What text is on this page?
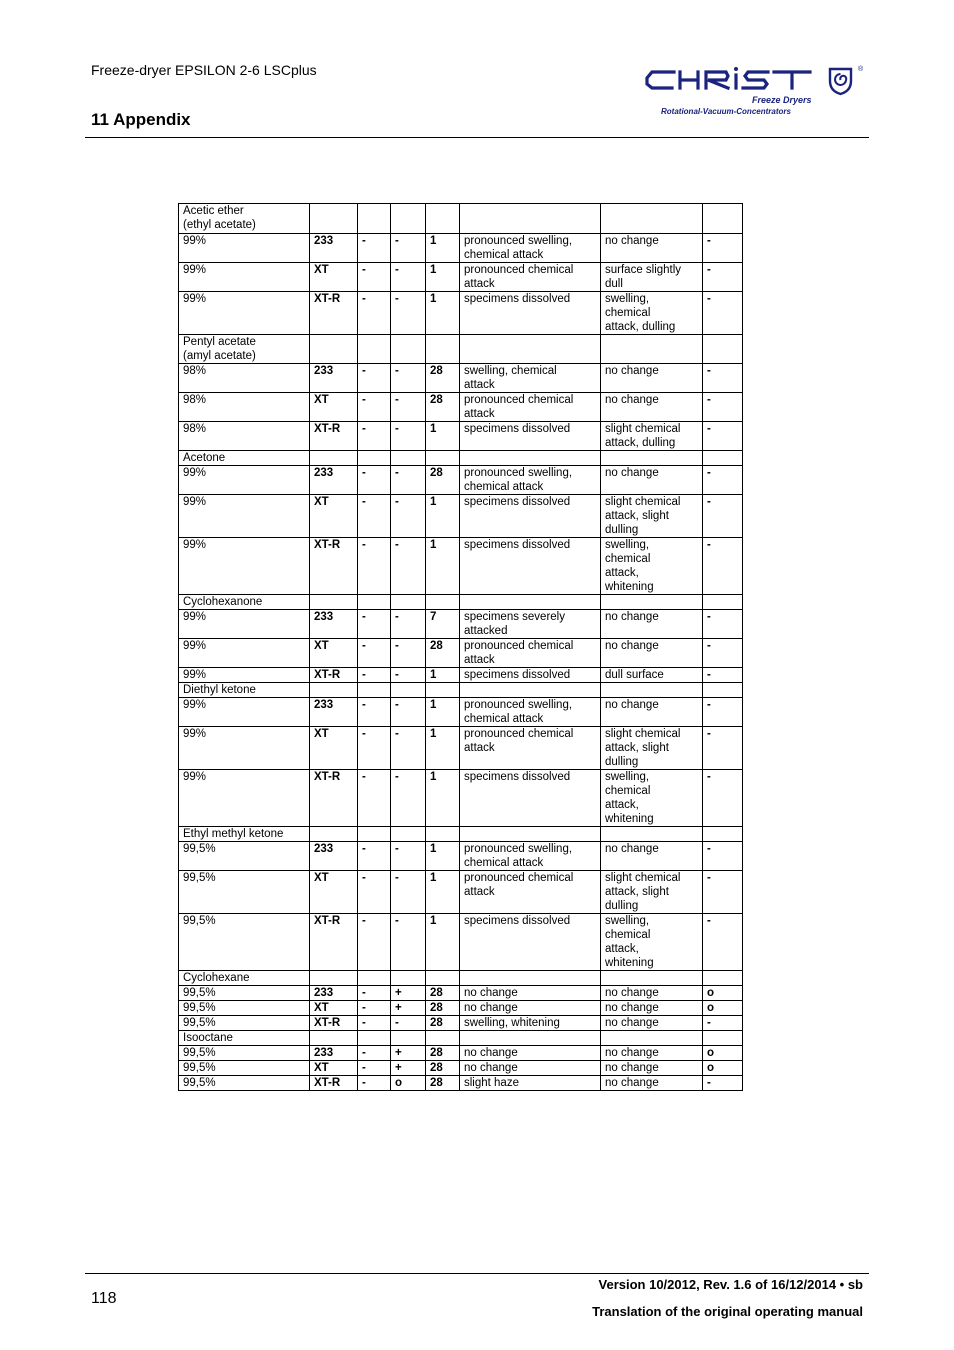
Freeze-dryer EPSILON 2-6 LSCplus
11 Appendix
®
Freeze Dryers
Rotational-Vacuum-Concentrators
Acetic ether
(ethyl acetate)							
99%	233	-	-	1	pronounced swelling,
chemical attack	no change	-
99%	XT	-	-	1	pronounced chemical
attack	surface slightly
dull	-
99%	XT-R	-	-	1	specimens dissolved	swelling,
chemical
attack, dulling	-
Pentyl acetate
(amyl acetate)							
98%	233	-	-	28	swelling, chemical
attack	no change	-
98%	XT	-	-	28	pronounced chemical
attack	no change	-
98%	XT-R	-	-	1	specimens dissolved	slight chemical
attack, dulling	-
Acetone							
99%	233	-	-	28	pronounced swelling,
chemical attack	no change	-
99%	XT	-	-	1	specimens dissolved	slight chemical
attack, slight
dulling	-
99%	XT-R	-	-	1	specimens dissolved	swelling,
chemical
attack,
whitening	-
Cyclohexanone							
99%	233	-	-	7	specimens severely
attacked	no change	-
99%	XT	-	-	28	pronounced chemical
attack	no change	-
99%	XT-R	-	-	1	specimens dissolved	dull surface	-
Diethyl ketone							
99%	233	-	-	1	pronounced swelling,
chemical attack	no change	-
99%	XT	-	-	1	pronounced chemical
attack	slight chemical
attack, slight
dulling	-
99%	XT-R	-	-	1	specimens dissolved	swelling,
chemical
attack,
whitening	-
Ethyl methyl ketone							
99,5%	233	-	-	1	pronounced swelling,
chemical attack	no change	-
99,5%	XT	-	-	1	pronounced chemical
attack	slight chemical
attack, slight
dulling	-
99,5%	XT-R	-	-	1	specimens dissolved	swelling,
chemical
attack,
whitening	-
Cyclohexane							
99,5%	233	-	+	28	no change	no change	o
99,5%	XT	-	+	28	no change	no change	o
99,5%	XT-R	-	-	28	swelling, whitening	no change	-
Isooctane							
99,5%	233	-	+	28	no change	no change	o
99,5%	XT	-	+	28	no change	no change	o
99,5%	XT-R	-	o	28	slight haze	no change	-
118
Version 10/2012, Rev. 1.6 of 16/12/2014 • sb
Translation of the original operating manual
